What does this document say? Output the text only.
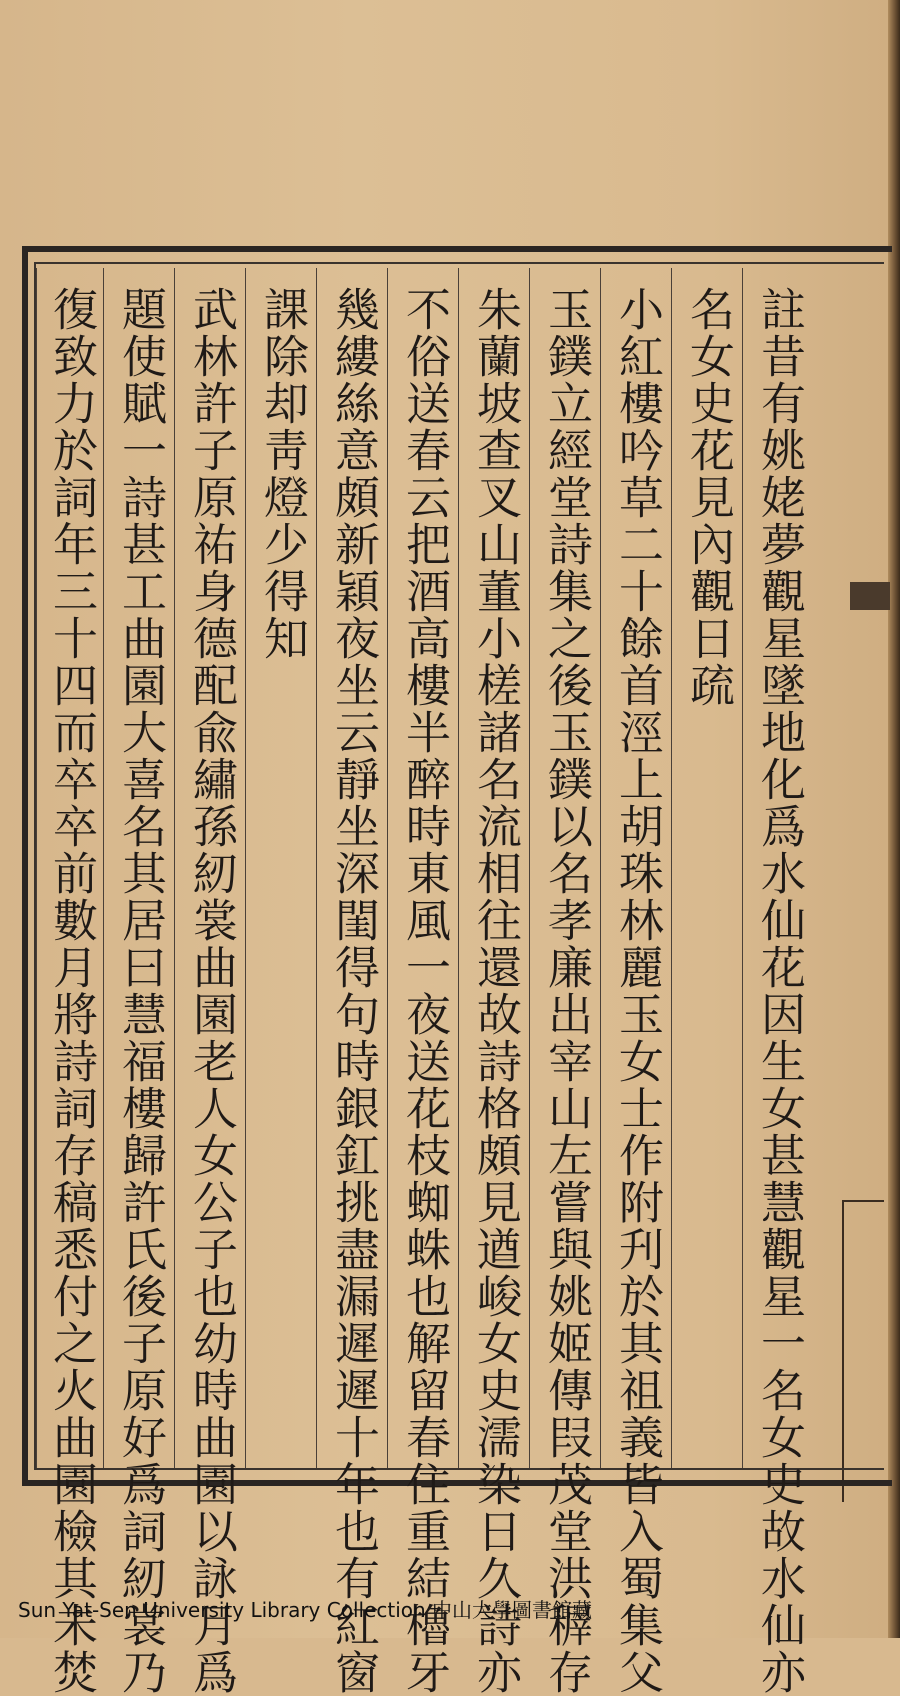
註昔有姚姥夢觀星墜地化爲水仙花因生女甚慧觀星一名女史故水仙亦
名女史花見內觀日疏
小紅樓吟草二十餘首涇上胡珠林麗玉女士作附刋於其祖義皆入蜀集父
玉鏷立經堂詩集之後玉鏷以名孝廉出宰山左嘗與姚姬傳叚茂堂洪稺存
朱蘭坡查叉山董小槎諸名流相往還故詩格頗見遒峻女史濡染日久詩亦
不俗送春云把酒高樓半醉時東風一夜送花枝蜘蛛也解留春住重結櫓牙
幾縷絲意頗新穎夜坐云靜坐深閨得句時銀釭挑盡漏遲遲十年也有紅窗
課除却靑燈少得知
武林許子原祐身德配兪繡孫紉裳曲園老人女公子也幼時曲園以詠月爲
題使賦一詩甚工曲園大喜名其居曰慧福樓歸許氏後子原好爲詞紉裳乃
復致力於詞年三十四而卒卒前數月將詩詞存稿悉付之火曲園檢其未焚
Sun Yat-Sen University Library Collection 中山大學圖書館藏
